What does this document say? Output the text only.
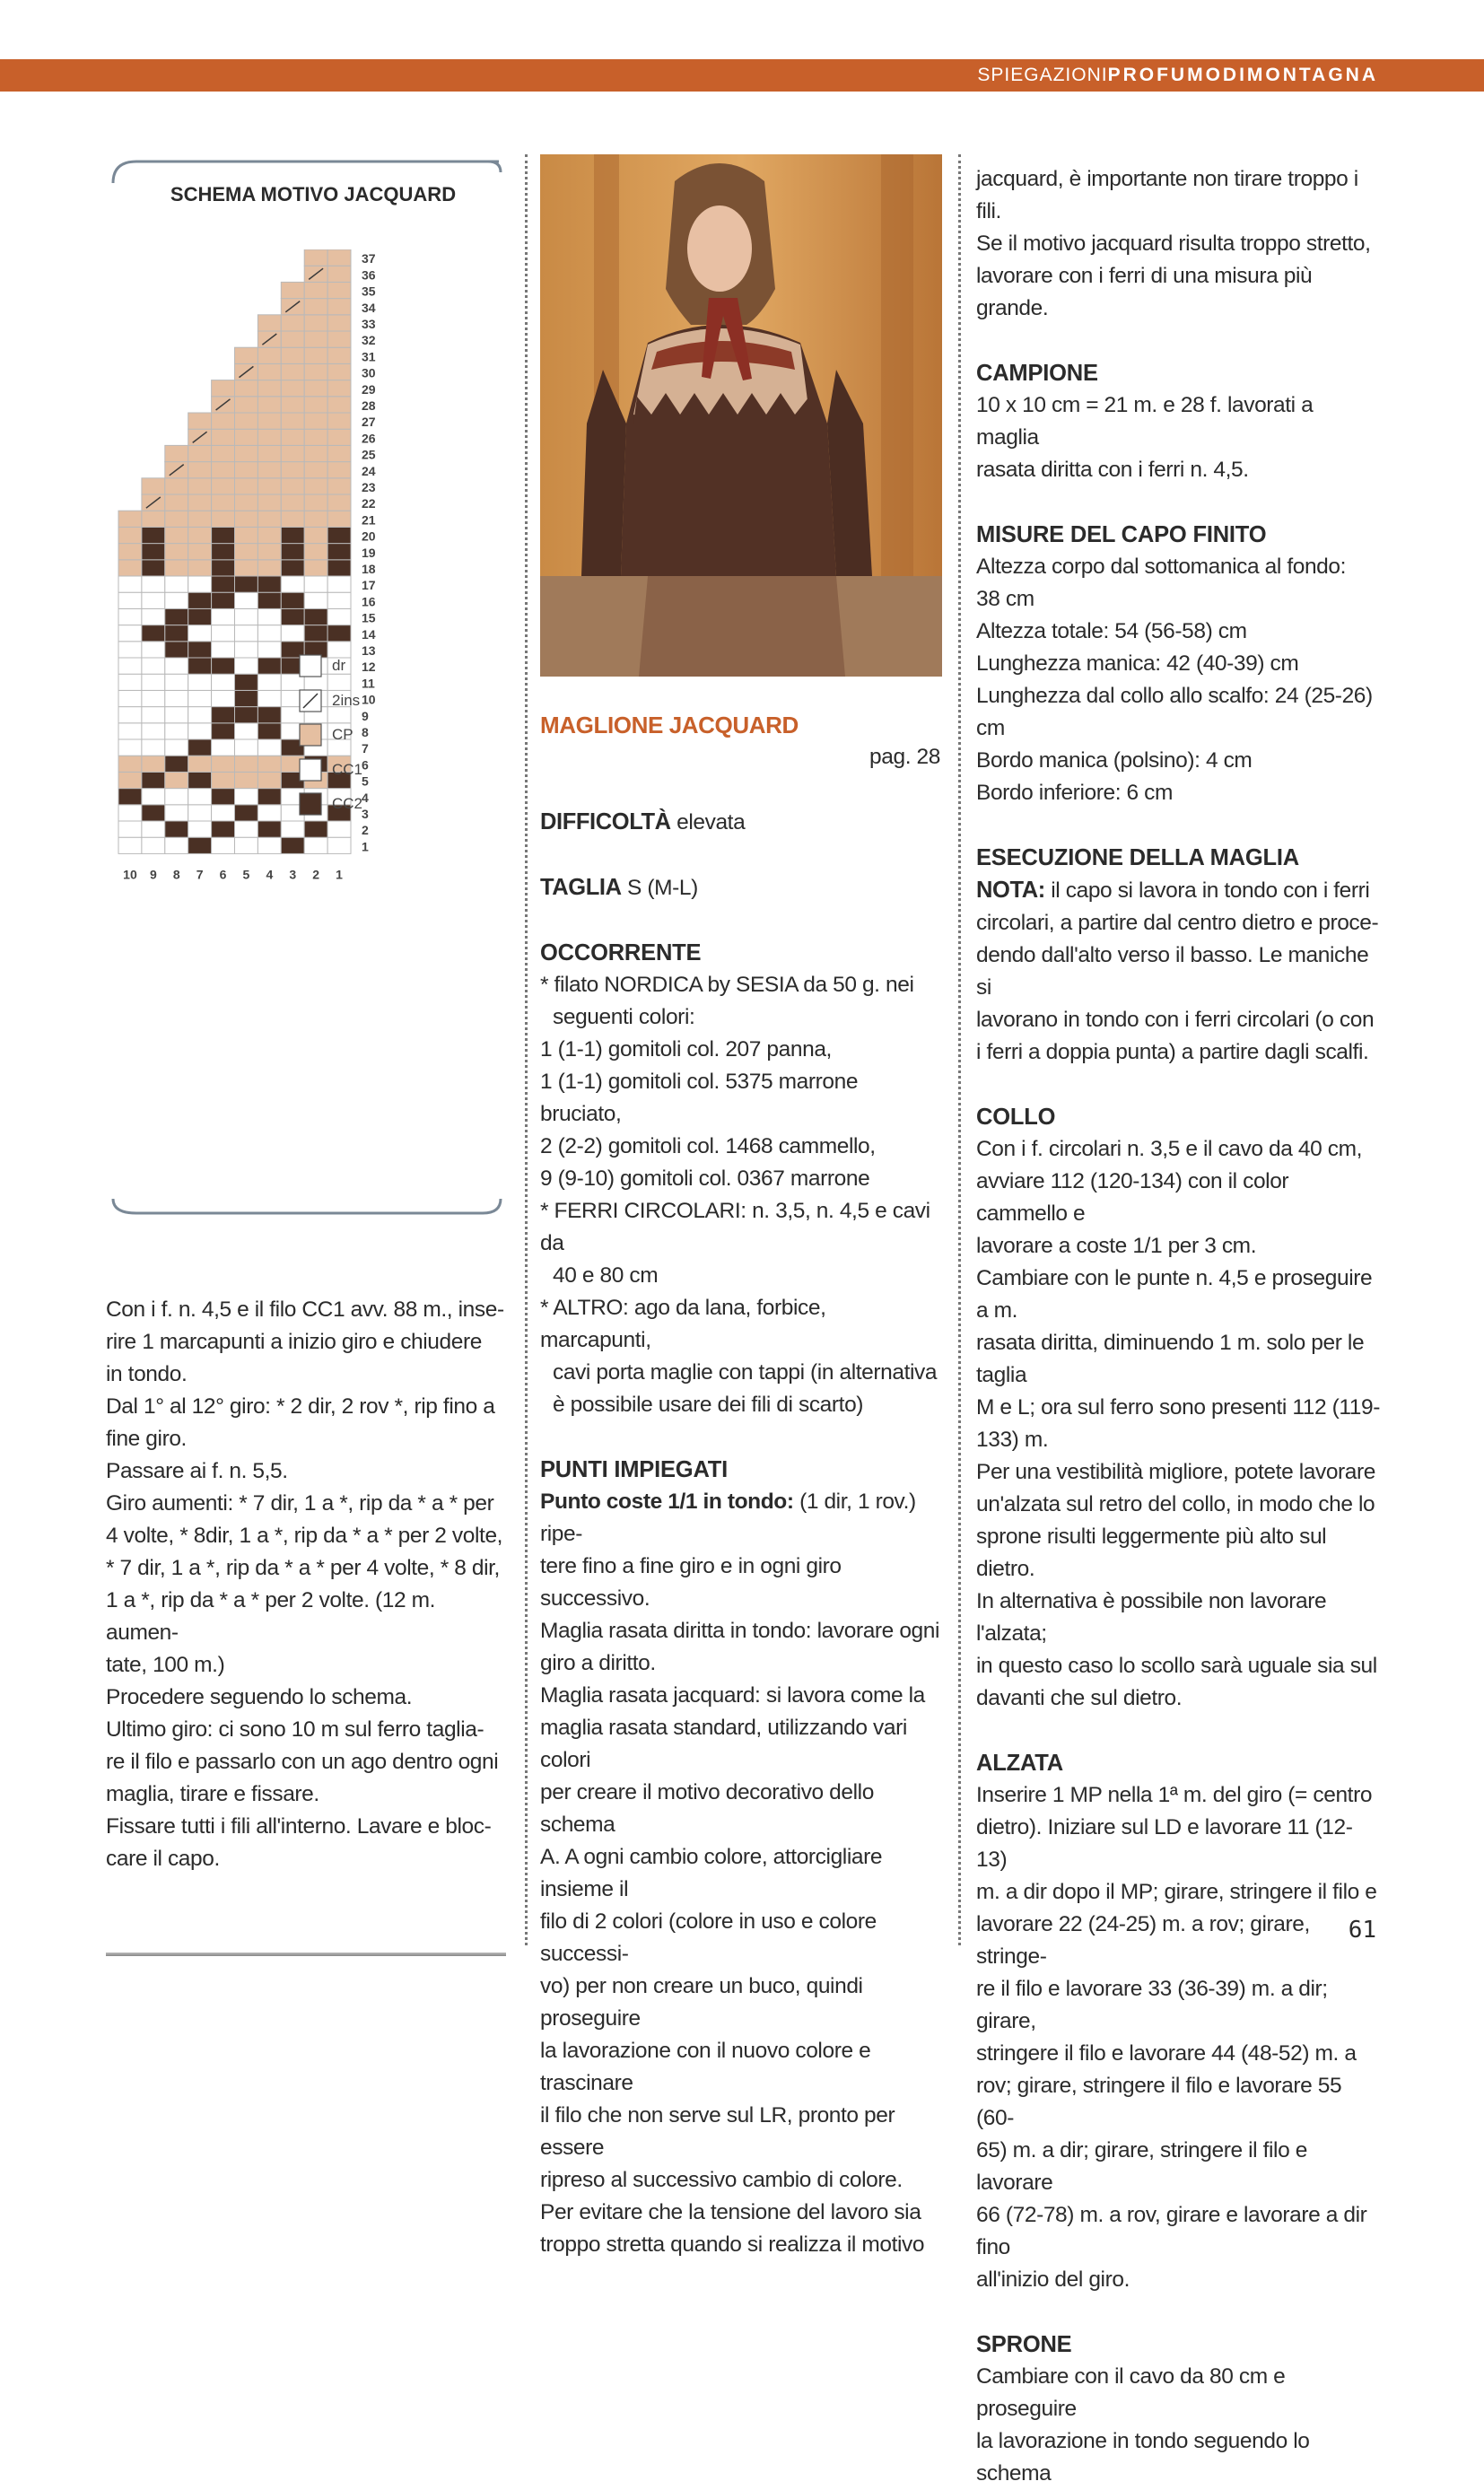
SPIEGAZIONIPROFUMODIMONTAGNA
SCHEMA MOTIVO JACQUARD
1
2
3
4
5
6
7
8
9
10
11
12
13
14
15
16
17
18
19
20
21
22
23
24
25
26
27
28
29
30
31
32
33
34
35
36
37
10 9 8 7 6 5 4 3 2 1
dr
2ins
CP
CC1
CC2

Con i f. n. 4,5 e il filo CC1 avv. 88 m., inse-

rire 1 marcapunti a inizio giro e chiudere

in tondo.

Dal 1° al 12° giro: * 2 dir, 2 rov *, rip fino a

fine giro.

Passare ai f. n. 5,5.

Giro aumenti: * 7 dir, 1 a *, rip da * a * per

4 volte, * 8dir, 1 a *, rip da * a * per 2 volte,

* 7 dir, 1 a *, rip da * a * per 4 volte, * 8 dir,

1 a *, rip da * a * per 2 volte. (12 m. aumen-

tate, 100 m.)

Procedere seguendo lo schema.

Ultimo giro: ci sono 10 m sul ferro taglia-

re il filo e passarlo con un ago dentro ogni

maglia, tirare e fissare.

Fissare tutti i fili all'interno. Lavare e bloc-

care il capo.

MAGLIONE JACQUARD

pag. 28

DIFFICOLTÀ elevata

TAGLIA S (M-L)

OCCORRENTE

* filato NORDICA by SESIA da 50 g. nei

seguenti colori:

1 (1-1) gomitoli col. 207 panna,

1 (1-1) gomitoli col. 5375 marrone bruciato,

2 (2-2) gomitoli col. 1468 cammello,

9 (9-10) gomitoli col. 0367 marrone

* FERRI CIRCOLARI: n. 3,5, n. 4,5 e cavi da

40 e 80 cm

* ALTRO: ago da lana, forbice, marcapunti,

cavi porta maglie con tappi (in alternativa

è possibile usare dei fili di scarto)

PUNTI IMPIEGATI

Punto coste 1/1 in tondo: (1 dir, 1 rov.) ripe-

tere fino a fine giro e in ogni giro successivo.

Maglia rasata diritta in tondo: lavorare ogni

giro a diritto.

Maglia rasata jacquard: si lavora come la

maglia rasata standard, utilizzando vari colori

per creare il motivo decorativo dello schema

A. A ogni cambio colore, attorcigliare insieme il

filo di 2 colori (colore in uso e colore successi-

vo) per non creare un buco, quindi proseguire

la lavorazione con il nuovo colore e trascinare

il filo che non serve sul LR, pronto per essere

ripreso al successivo cambio di colore.

Per evitare che la tensione del lavoro sia

troppo stretta quando si realizza il motivo

jacquard, è importante non tirare troppo i fili.

Se il motivo jacquard risulta troppo stretto,

lavorare con i ferri di una misura più grande.

CAMPIONE

10 x 10 cm = 21 m. e 28 f. lavorati a maglia

rasata diritta con i ferri n. 4,5.

MISURE DEL CAPO FINITO

Altezza corpo dal sottomanica al fondo:

38 cm

Altezza totale: 54 (56-58) cm

Lunghezza manica: 42 (40-39) cm

Lunghezza dal collo allo scalfo: 24 (25-26) cm

Bordo manica (polsino): 4 cm

Bordo inferiore: 6 cm

ESECUZIONE DELLA MAGLIA

NOTA: il capo si lavora in tondo con i ferri

circolari, a partire dal centro dietro e proce-

dendo dall'alto verso il basso. Le maniche si

lavorano in tondo con i ferri circolari (o con

i ferri a doppia punta) a partire dagli scalfi.

COLLO

Con i f. circolari n. 3,5 e il cavo da 40 cm,

avviare 112 (120-134) con il color cammello e

lavorare a coste 1/1 per 3 cm.

Cambiare con le punte n. 4,5 e proseguire a m.

rasata diritta, diminuendo 1 m. solo per le taglia

M e L; ora sul ferro sono presenti 112 (119-133) m.

Per una vestibilità migliore, potete lavorare

un'alzata sul retro del collo, in modo che lo

sprone risulti leggermente più alto sul dietro.

In alternativa è possibile non lavorare l'alzata;

in questo caso lo scollo sarà uguale sia sul

davanti che sul dietro.

ALZATA

Inserire 1 MP nella 1ª m. del giro (= centro

dietro). Iniziare sul LD e lavorare 11 (12-13)

m. a dir dopo il MP; girare, stringere il filo e

lavorare 22 (24-25) m. a rov; girare, stringe-

re il filo e lavorare 33 (36-39) m. a dir; girare,

stringere il filo e lavorare 44 (48-52) m. a

rov; girare, stringere il filo e lavorare 55 (60-

65) m. a dir; girare, stringere il filo e lavorare

66 (72-78) m. a rov, girare e lavorare a dir fino

all'inizio del giro.

SPRONE

Cambiare con il cavo da 80 cm e proseguire

la lavorazione in tondo seguendo lo schema

61
